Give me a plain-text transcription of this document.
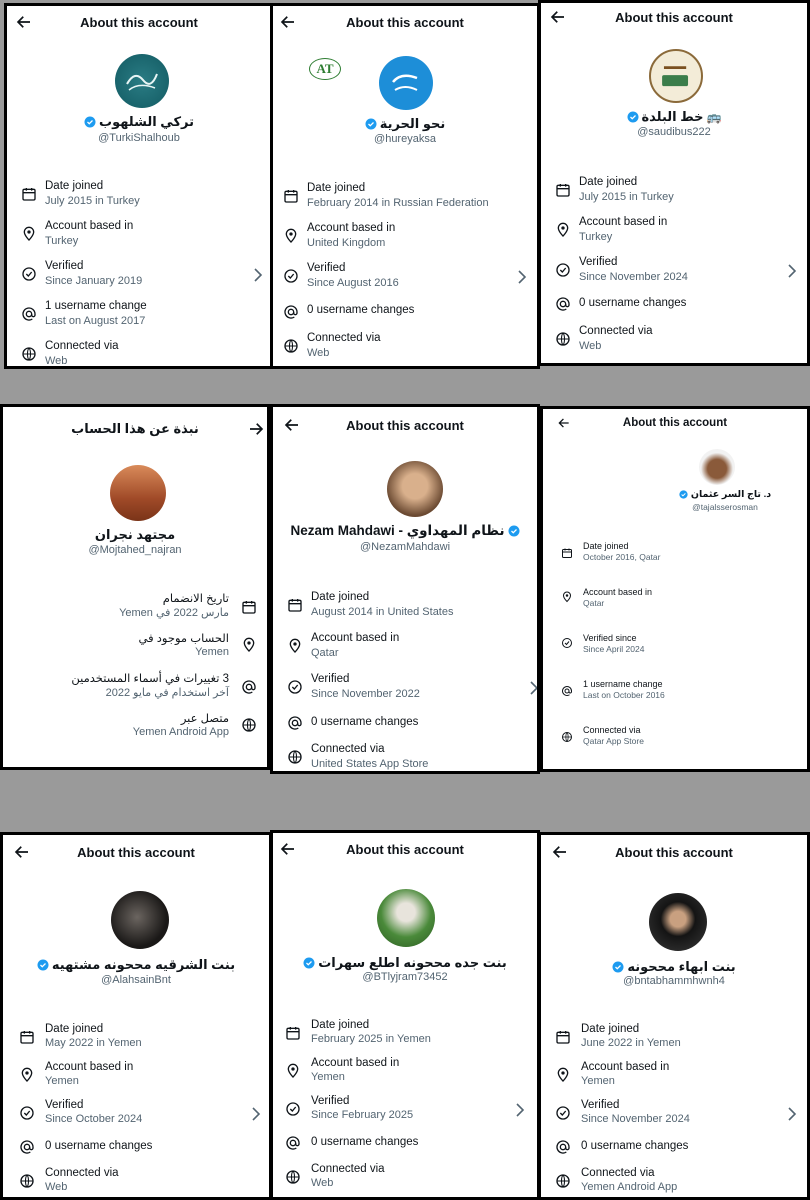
About this account
تركي الشلهوب
@TurkiShalhoub
Date joined
July 2015 in Turkey
Account based in
Turkey
Verified
Since January 2019
1 username change
Last on August 2017
Connected via
Web
About this account
AT
نحو الحرية
@hureyaksa
Date joined
February 2014 in Russian Federation
Account based in
United Kingdom
Verified
Since August 2016
0 username changes
Connected via
Web
About this account
خط البلدة 🚌
@saudibus222
Date joined
July 2015 in Turkey
Account based in
Turkey
Verified
Since November 2024
0 username changes
Connected via
Web
نبذة عن هذا الحساب
مجتهد نجران
@Mojtahed_najran
تاريخ الانضمام
مارس 2022 في Yemen
الحساب موجود في
Yemen
3 تغييرات في أسماء المستخدمين
آخر استخدام في مايو 2022
متصل عبر
Yemen Android App
About this account
Nezam Mahdawi - نظام المهداوي
@NezamMahdawi
Date joined
August 2014 in United States
Account based in
Qatar
Verified
Since November 2022
0 username changes
Connected via
United States App Store
About this account
د. تاج السر عثمان
@tajalsserosman
Date joined
October 2016, Qatar
Account based in
Qatar
Verified since
Since April 2024
1 username change
Last on October 2016
Connected via
Qatar App Store
About this account
بنت الشرقيه مححونه مشتهيه
@AlahsainBnt
Date joined
May 2022 in Yemen
Account based in
Yemen
Verified
Since October 2024
0 username changes
Connected via
Web
About this account
بنت جده مححونه اطلع سهرات
@BTlyjram73452
Date joined
February 2025 in Yemen
Account based in
Yemen
Verified
Since February 2025
0 username changes
Connected via
Web
About this account
بنت ابهاء مححونه
@bntabhammhwnh4
Date joined
June 2022 in Yemen
Account based in
Yemen
Verified
Since November 2024
0 username changes
Connected via
Yemen Android App
